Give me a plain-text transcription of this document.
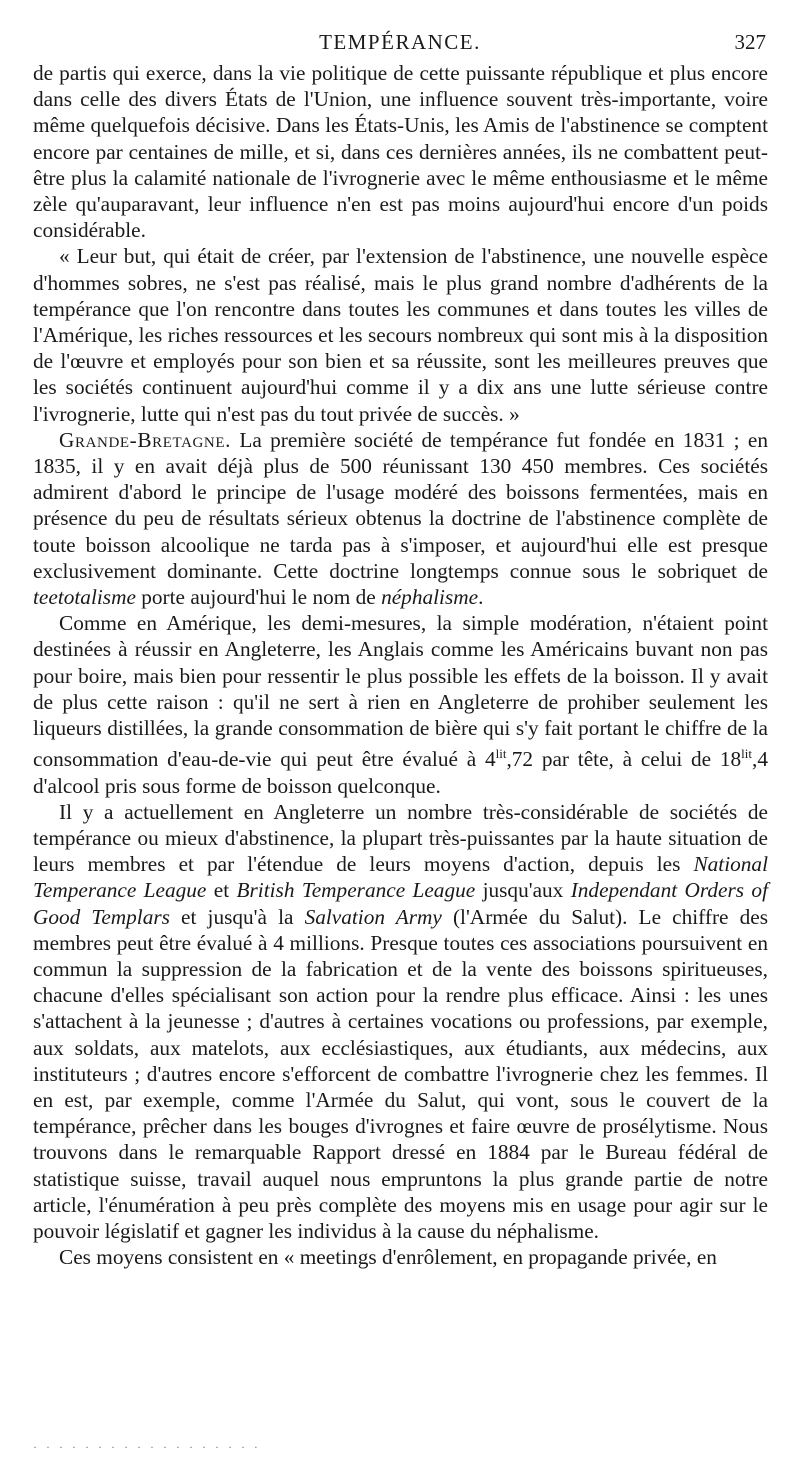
TEMPÉRANCE.	327

de partis qui exerce, dans la vie politique de cette puissante république et plus encore dans celle des divers États de l'Union, une influence souvent très-importante, voire même quelquefois décisive. Dans les États-Unis, les Amis de l'abstinence se comptent encore par centaines de mille, et si, dans ces dernières années, ils ne combattent peut-être plus la calamité nationale de l'ivrognerie avec le même enthousiasme et le même zèle qu'auparavant, leur influence n'en est pas moins aujourd'hui encore d'un poids considérable.

« Leur but, qui était de créer, par l'extension de l'abstinence, une nouvelle espèce d'hommes sobres, ne s'est pas réalisé, mais le plus grand nombre d'adhérents de la tempérance que l'on rencontre dans toutes les communes et dans toutes les villes de l'Amérique, les riches ressources et les secours nombreux qui sont mis à la disposition de l'œuvre et employés pour son bien et sa réussite, sont les meilleures preuves que les sociétés continuent aujourd'hui comme il y a dix ans une lutte sérieuse contre l'ivrognerie, lutte qui n'est pas du tout privée de succès. »

Grande-Bretagne. La première société de tempérance fut fondée en 1831 ; en 1835, il y en avait déjà plus de 500 réunissant 130 450 membres. Ces sociétés admirent d'abord le principe de l'usage modéré des boissons fermentées, mais en présence du peu de résultats sérieux obtenus la doctrine de l'abstinence complète de toute boisson alcoolique ne tarda pas à s'imposer, et aujourd'hui elle est presque exclusivement dominante. Cette doctrine longtemps connue sous le sobriquet de teetotalisme porte aujourd'hui le nom de néphalisme.

Comme en Amérique, les demi-mesures, la simple modération, n'étaient point destinées à réussir en Angleterre, les Anglais comme les Américains buvant non pas pour boire, mais bien pour ressentir le plus possible les effets de la boisson. Il y avait de plus cette raison : qu'il ne sert à rien en Angleterre de prohiber seulement les liqueurs distillées, la grande consommation de bière qui s'y fait portant le chiffre de la consommation d'eau-de-vie qui peut être évalué à $4^{lit},72$ par tête, à celui de $18^{lit},4$ d'alcool pris sous forme de boisson quelconque.

Il y a actuellement en Angleterre un nombre très-considérable de sociétés de tempérance ou mieux d'abstinence, la plupart très-puissantes par la haute situation de leurs membres et par l'étendue de leurs moyens d'action, depuis les National Temperance League et British Temperance League jusqu'aux Independant Orders of Good Templars et jusqu'à la Salvation Army (l'Armée du Salut). Le chiffre des membres peut être évalué à 4 millions. Presque toutes ces associations poursuivent en commun la suppression de la fabrication et de la vente des boissons spiritueuses, chacune d'elles spécialisant son action pour la rendre plus efficace. Ainsi : les unes s'attachent à la jeunesse ; d'autres à certaines vocations ou professions, par exemple, aux soldats, aux matelots, aux ecclésiastiques, aux étudiants, aux médecins, aux instituteurs ; d'autres encore s'efforcent de combattre l'ivrognerie chez les femmes. Il en est, par exemple, comme l'Armée du Salut, qui vont, sous le couvert de la tempérance, prêcher dans les bouges d'ivrognes et faire œuvre de prosélytisme. Nous trouvons dans le remarquable Rapport dressé en 1884 par le Bureau fédéral de statistique suisse, travail auquel nous empruntons la plus grande partie de notre article, l'énumération à peu près complète des moyens mis en usage pour agir sur le pouvoir législatif et gagner les individus à la cause du néphalisme.

Ces moyens consistent en « meetings d'enrôlement, en propagande privée, en

· · · · · · · · · · · · · · · · · ·
